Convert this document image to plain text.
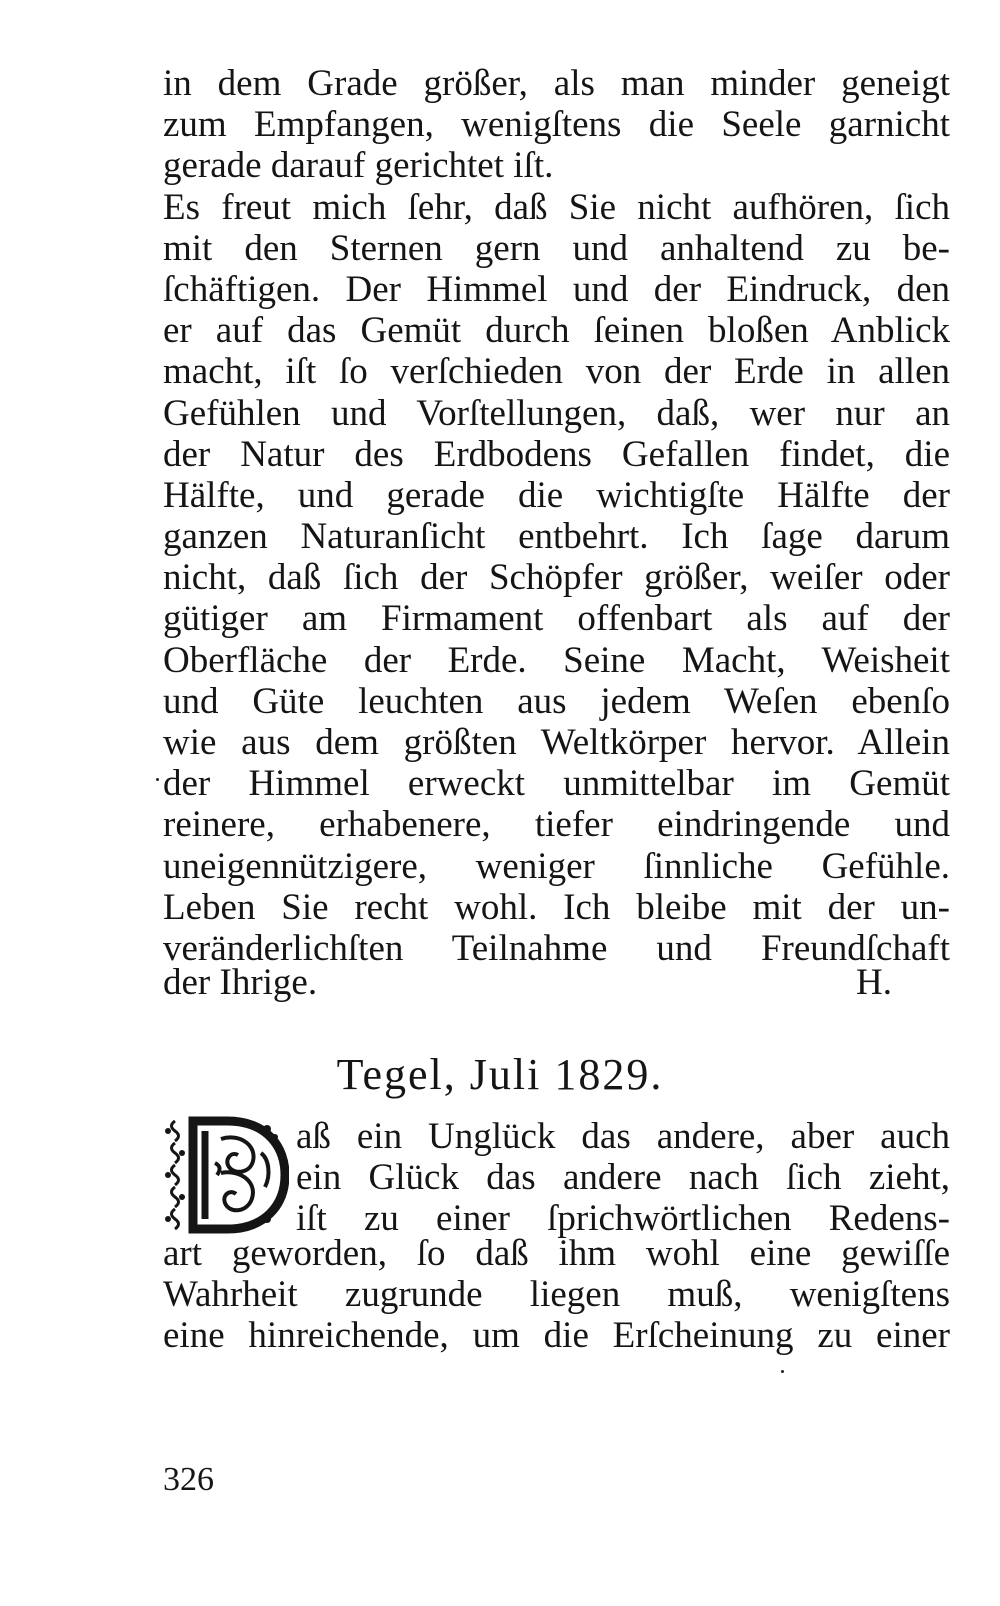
in dem Grade größer, als man minder geneigt
zum Empfangen, wenigſtens die Seele garnicht
gerade darauf gerichtet iſt.
Es freut mich ſehr, daß Sie nicht aufhören, ſich
mit den Sternen gern und anhaltend zu be-
ſchäftigen. Der Himmel und der Eindruck, den
er auf das Gemüt durch ſeinen bloßen Anblick
macht, iſt ſo verſchieden von der Erde in allen
Gefühlen und Vorſtellungen, daß, wer nur an
der Natur des Erdbodens Gefallen findet, die
Hälfte, und gerade die wichtigſte Hälfte der
ganzen Naturanſicht entbehrt. Ich ſage darum
nicht, daß ſich der Schöpfer größer, weiſer oder
gütiger am Firmament offenbart als auf der
Oberfläche der Erde. Seine Macht, Weisheit
und Güte leuchten aus jedem Weſen ebenſo
wie aus dem größten Weltkörper hervor. Allein
der Himmel erweckt unmittelbar im Gemüt
reinere, erhabenere, tiefer eindringende und
uneigennützigere, weniger ſinnliche Gefühle.
Leben Sie recht wohl. Ich bleibe mit der un-
veränderlichſten Teilnahme und Freundſchaft
der Ihrige.	H.
Tegel, Juli 1829.
aß ein Unglück das andere, aber auch
ein Glück das andere nach ſich zieht,
iſt zu einer ſprichwörtlichen Redens-
art geworden, ſo daß ihm wohl eine gewiſſe
Wahrheit zugrunde liegen muß, wenigſtens
eine hinreichende, um die Erſcheinung zu einer
326
